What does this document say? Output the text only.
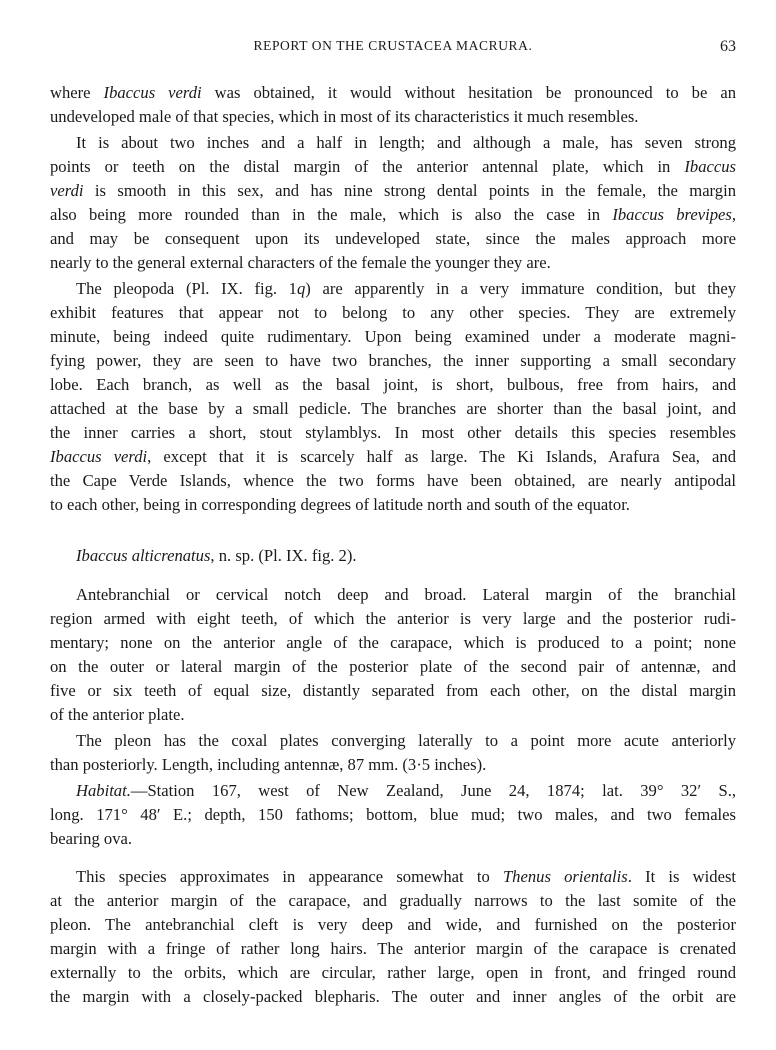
REPORT ON THE CRUSTACEA MACRURA.	63
where Ibaccus verdi was obtained, it would without hesitation be pronounced to be an
undeveloped male of that species, which in most of its characteristics it much resembles.
It is about two inches and a half in length; and although a male, has seven strong
points or teeth on the distal margin of the anterior antennal plate, which in Ibaccus
verdi is smooth in this sex, and has nine strong dental points in the female, the margin
also being more rounded than in the male, which is also the case in Ibaccus brevipes,
and may be consequent upon its undeveloped state, since the males approach more
nearly to the general external characters of the female the younger they are.
The pleopoda (Pl. IX. fig. 1q) are apparently in a very immature condition, but they
exhibit features that appear not to belong to any other species. They are extremely
minute, being indeed quite rudimentary. Upon being examined under a moderate magni-
fying power, they are seen to have two branches, the inner supporting a small secondary
lobe. Each branch, as well as the basal joint, is short, bulbous, free from hairs, and
attached at the base by a small pedicle. The branches are shorter than the basal joint, and
the inner carries a short, stout stylamblys. In most other details this species resembles
Ibaccus verdi, except that it is scarcely half as large. The Ki Islands, Arafura Sea, and
the Cape Verde Islands, whence the two forms have been obtained, are nearly antipodal
to each other, being in corresponding degrees of latitude north and south of the equator.
Ibaccus alticrenatus, n. sp. (Pl. IX. fig. 2).
Antebranchial or cervical notch deep and broad. Lateral margin of the branchial
region armed with eight teeth, of which the anterior is very large and the posterior rudi-
mentary; none on the anterior angle of the carapace, which is produced to a point; none
on the outer or lateral margin of the posterior plate of the second pair of antennæ, and
five or six teeth of equal size, distantly separated from each other, on the distal margin
of the anterior plate.
The pleon has the coxal plates converging laterally to a point more acute anteriorly
than posteriorly. Length, including antennæ, 87 mm. (3·5 inches).
Habitat.—Station 167, west of New Zealand, June 24, 1874; lat. 39° 32′ S.,
long. 171° 48′ E.; depth, 150 fathoms; bottom, blue mud; two males, and two females
bearing ova.
This species approximates in appearance somewhat to Thenus orientalis. It is widest
at the anterior margin of the carapace, and gradually narrows to the last somite of the
pleon. The antebranchial cleft is very deep and wide, and furnished on the posterior
margin with a fringe of rather long hairs. The anterior margin of the carapace is crenated
externally to the orbits, which are circular, rather large, open in front, and fringed round
the margin with a closely-packed blepharis. The outer and inner angles of the orbit are
